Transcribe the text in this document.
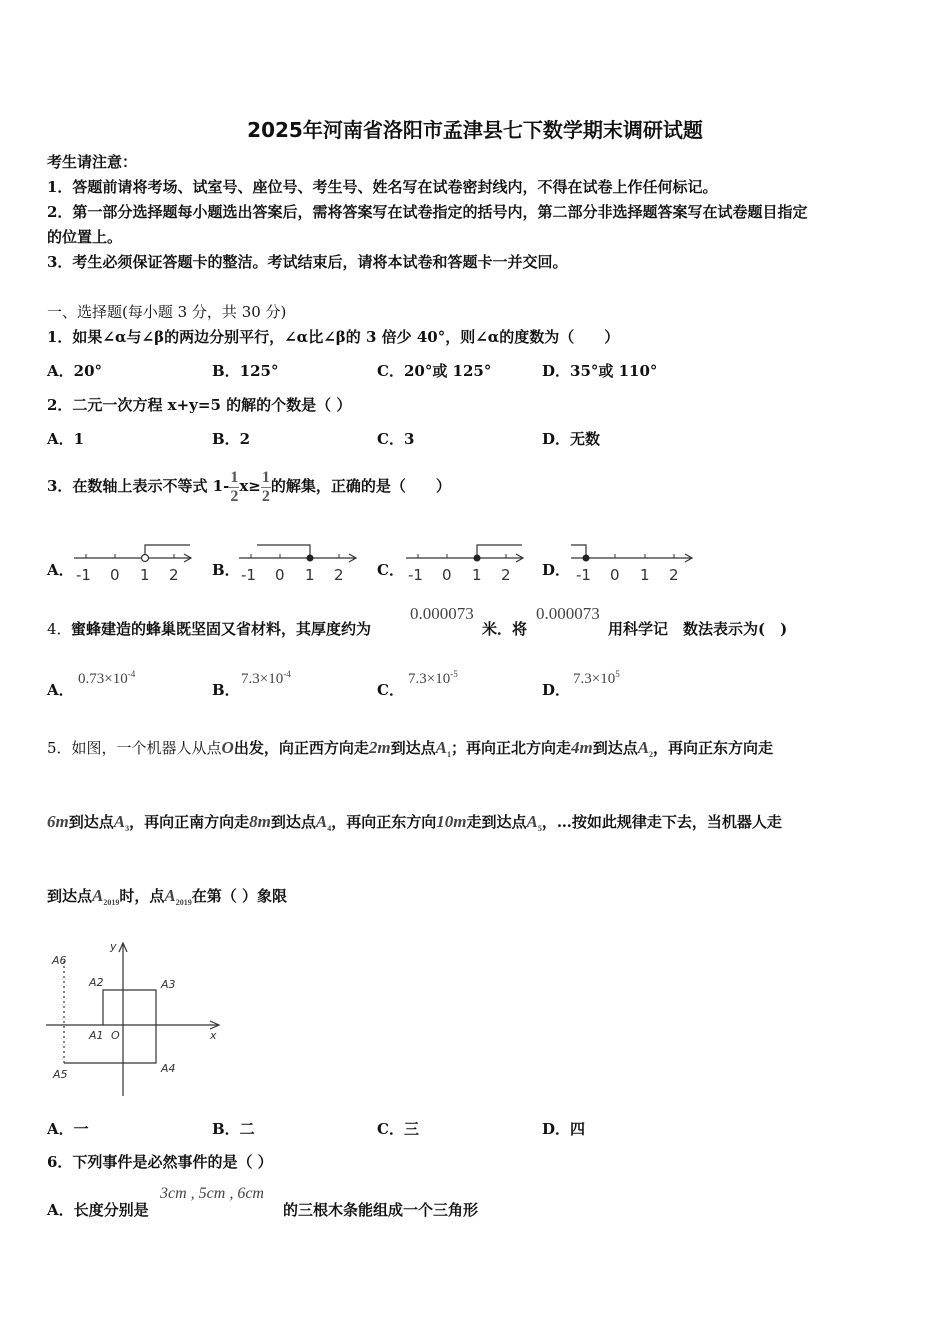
2025年河南省洛阳市孟津县七下数学期末调研试题
考生请注意：
1．答题前请将考场、试室号、座位号、考生号、姓名写在试卷密封线内，不得在试卷上作任何标记。
2．第一部分选择题每小题选出答案后，需将答案写在试卷指定的括号内，第二部分非选择题答案写在试卷题目指定
的位置上。
3．考生必须保证答题卡的整洁。考试结束后，请将本试卷和答题卡一并交回。
一、选择题(每小题 3 分，共 30 分)
1．如果∠α与∠β的两边分别平行，∠α比∠β的 3 倍少 40°，则∠α的度数为（　　）
A．20°	B．125°	C．20°或 125°	D．35°或 110°
2．二元一次方程 x+y=5 的解的个数是（ ）
A．1	B．2	C．3	D．无数
3．在数轴上表示不等式 $1- \frac{1}{2} x\ge \frac{1}{2}$ 的解集，正确的是（　　）
A．	B．	C．	D．
-1 0 1 2	-1 0 1 2	-1 0 1 2	-1 0 1 2
4． 蜜蜂建造的蜂巢既坚固又省材料，其厚度约为
0.000073
米．将
0.000073
用科学记　数法表示为(　)
A．
$0.73\times 10^{-4}$
B．
$7.3\times 10^{-4}$
C．
$7.3\times 10^{-5}$
D．
$7.3\times 10^5$
5．如图，一个机器人从点O出发，向正西方向走2m到达点$A_1$；再向正北方向走4m到达点$A_2$，再向正东方向走
6m到达点$A_3$，再向正南方向走8m到达点$A_4$，再向正东方向10m走到达点$A_5$，…按如此规律走下去，当机器人走
到达点$A_{2019}$时，点$A_{2019}$在第（ ）象限
A6
A2	A3
A1 O	x
y
A5	A4
A．一	B．二	C．三	D．四
6．下列事件是必然事件的是（ ）
A．长度分别是
3cm , 5cm , 6cm
的三根木条能组成一个三角形
